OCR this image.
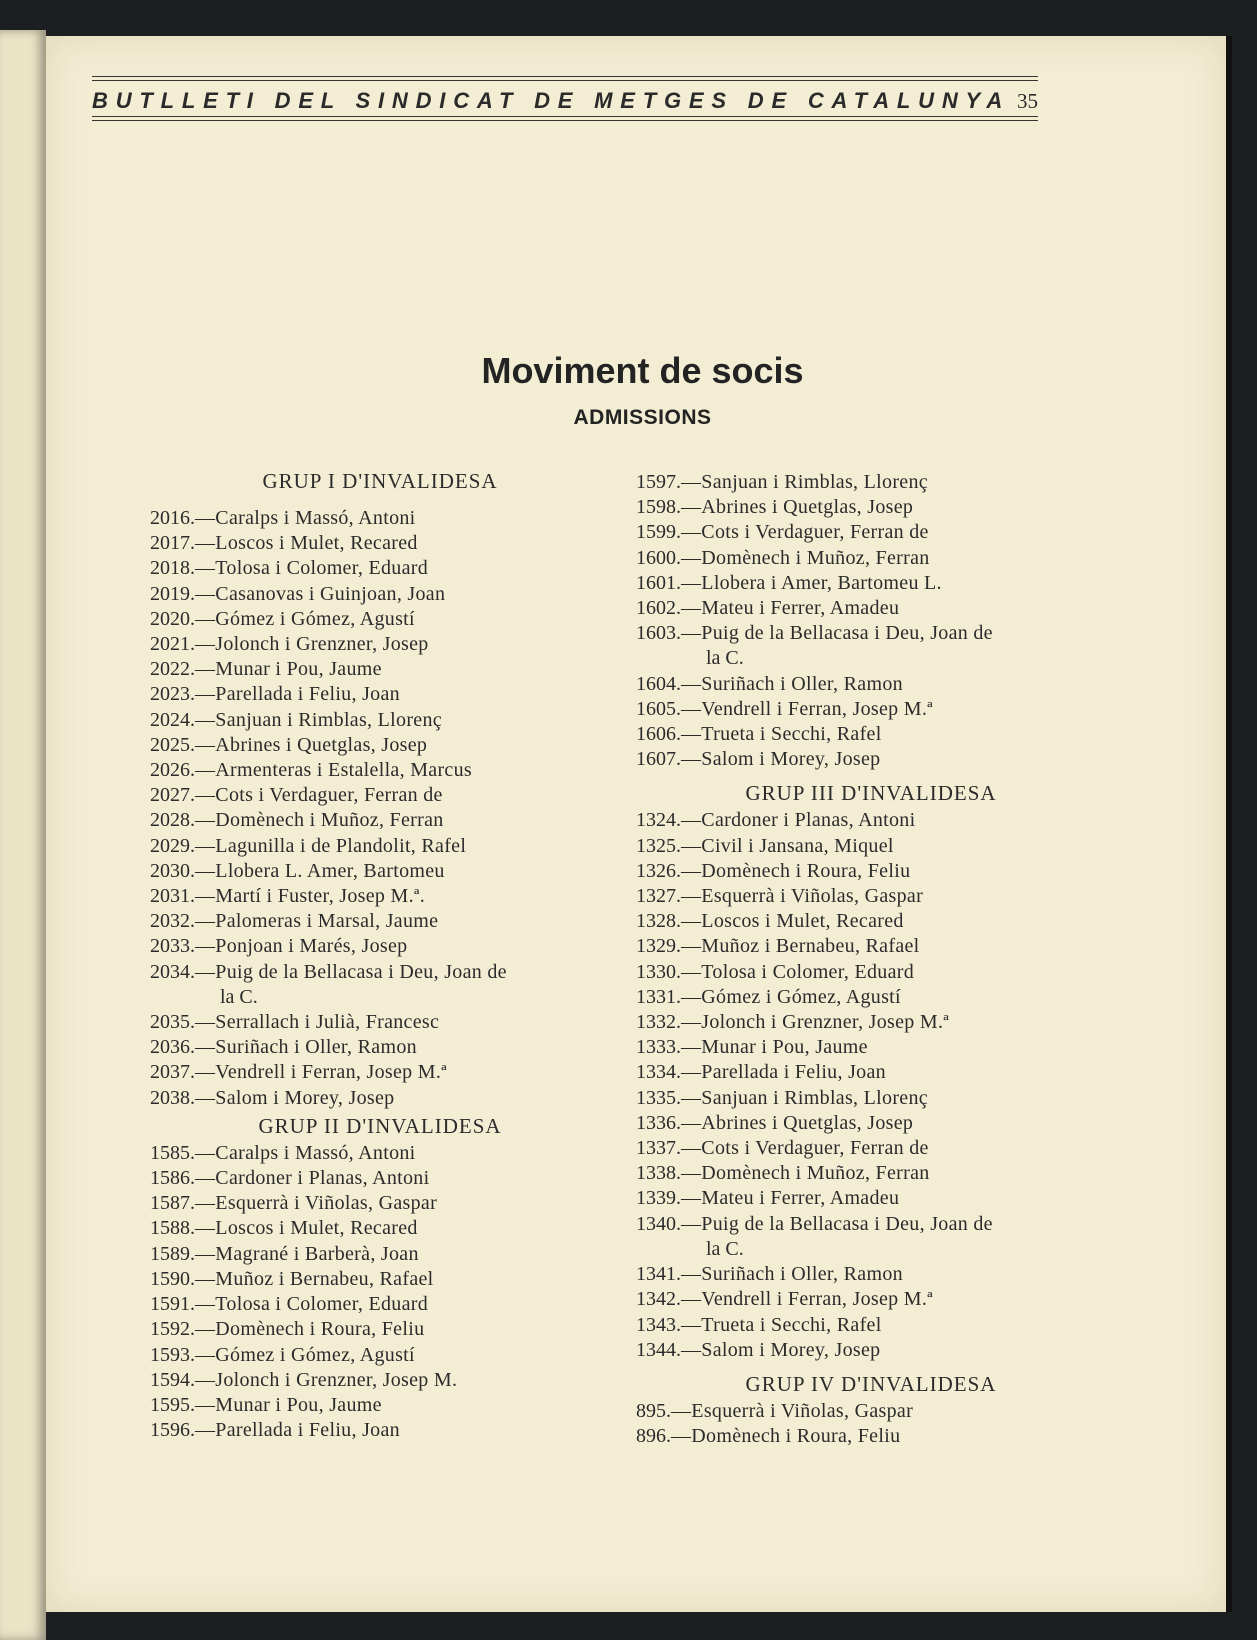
BUTLLETI DEL SINDICAT DE METGES DE CATALUNYA 35
Moviment de socis
ADMISSIONS
GRUP I D'INVALIDESA
2016.—Caralps i Massó, Antoni
2017.—Loscos i Mulet, Recared
2018.—Tolosa i Colomer, Eduard
2019.—Casanovas i Guinjoan, Joan
2020.—Gómez i Gómez, Agustí
2021.—Jolonch i Grenzner, Josep
2022.—Munar i Pou, Jaume
2023.—Parellada i Feliu, Joan
2024.—Sanjuan i Rimblas, Llorenç
2025.—Abrines i Quetglas, Josep
2026.—Armenteras i Estalella, Marcus
2027.—Cots i Verdaguer, Ferran de
2028.—Domènech i Muñoz, Ferran
2029.—Lagunilla i de Plandolit, Rafel
2030.—Llobera L. Amer, Bartomeu
2031.—Martí i Fuster, Josep M.ª.
2032.—Palomeras i Marsal, Jaume
2033.—Ponjoan i Marés, Josep
2034.—Puig de la Bellacasa i Deu, Joan de
la C.
2035.—Serrallach i Julià, Francesc
2036.—Suriñach i Oller, Ramon
2037.—Vendrell i Ferran, Josep M.ª
2038.—Salom i Morey, Josep
GRUP II D'INVALIDESA
1585.—Caralps i Massó, Antoni
1586.—Cardoner i Planas, Antoni
1587.—Esquerrà i Viñolas, Gaspar
1588.—Loscos i Mulet, Recared
1589.—Magrané i Barberà, Joan
1590.—Muñoz i Bernabeu, Rafael
1591.—Tolosa i Colomer, Eduard
1592.—Domènech i Roura, Feliu
1593.—Gómez i Gómez, Agustí
1594.—Jolonch i Grenzner, Josep M.
1595.—Munar i Pou, Jaume
1596.—Parellada i Feliu, Joan
1597.—Sanjuan i Rimblas, Llorenç
1598.—Abrines i Quetglas, Josep
1599.—Cots i Verdaguer, Ferran de
1600.—Domènech i Muñoz, Ferran
1601.—Llobera i Amer, Bartomeu L.
1602.—Mateu i Ferrer, Amadeu
1603.—Puig de la Bellacasa i Deu, Joan de
la C.
1604.—Suriñach i Oller, Ramon
1605.—Vendrell i Ferran, Josep M.ª
1606.—Trueta i Secchi, Rafel
1607.—Salom i Morey, Josep
GRUP III D'INVALIDESA
1324.—Cardoner i Planas, Antoni
1325.—Civil i Jansana, Miquel
1326.—Domènech i Roura, Feliu
1327.—Esquerrà i Viñolas, Gaspar
1328.—Loscos i Mulet, Recared
1329.—Muñoz i Bernabeu, Rafael
1330.—Tolosa i Colomer, Eduard
1331.—Gómez i Gómez, Agustí
1332.—Jolonch i Grenzner, Josep M.ª
1333.—Munar i Pou, Jaume
1334.—Parellada i Feliu, Joan
1335.—Sanjuan i Rimblas, Llorenç
1336.—Abrines i Quetglas, Josep
1337.—Cots i Verdaguer, Ferran de
1338.—Domènech i Muñoz, Ferran
1339.—Mateu i Ferrer, Amadeu
1340.—Puig de la Bellacasa i Deu, Joan de
la C.
1341.—Suriñach i Oller, Ramon
1342.—Vendrell i Ferran, Josep M.ª
1343.—Trueta i Secchi, Rafel
1344.—Salom i Morey, Josep
GRUP IV D'INVALIDESA
895.—Esquerrà i Viñolas, Gaspar
896.—Domènech i Roura, Feliu
